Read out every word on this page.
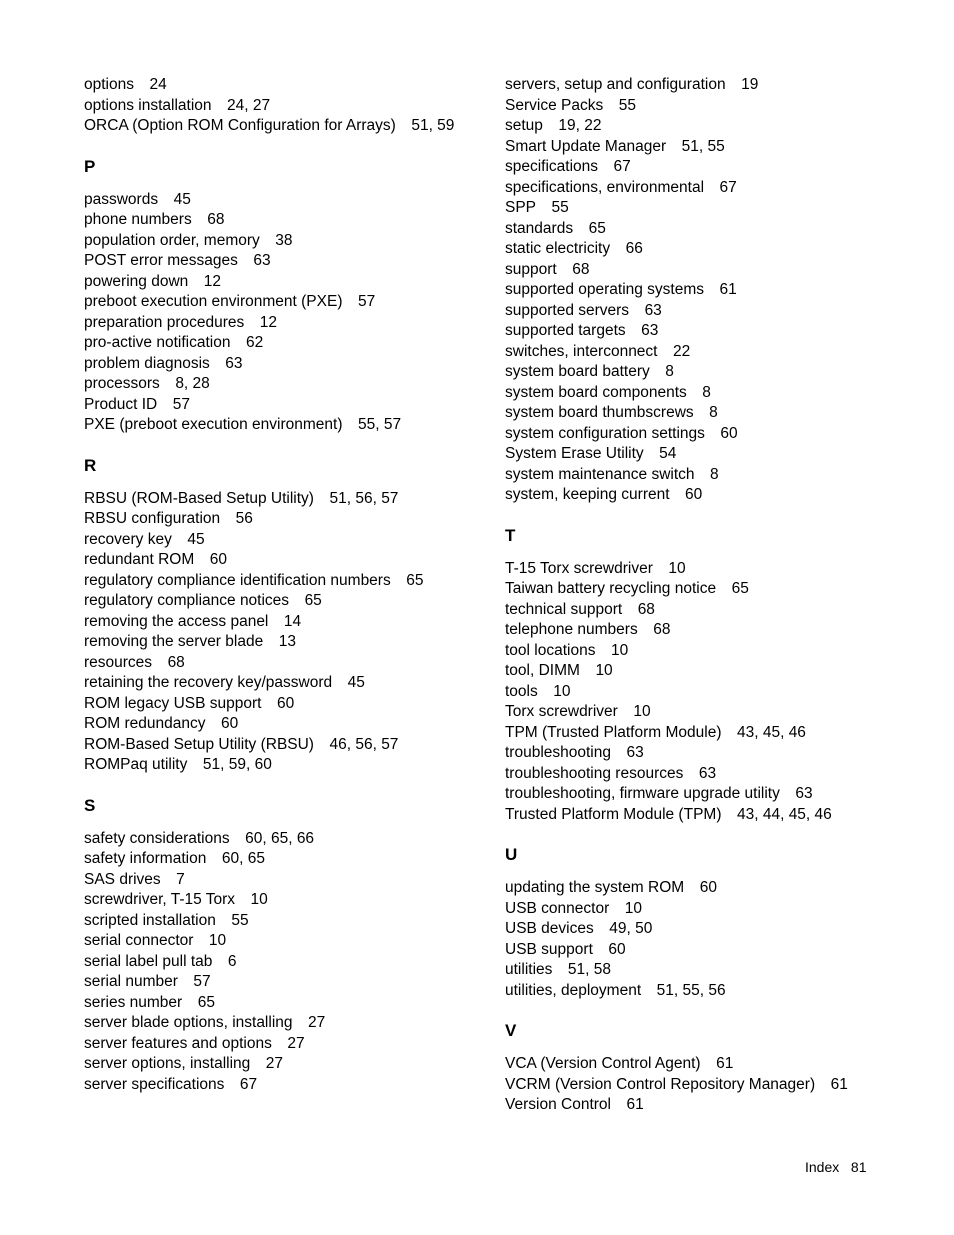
options   24
options installation   24, 27
ORCA (Option ROM Configuration for Arrays)   51, 59
P
passwords   45
phone numbers   68
population order, memory   38
POST error messages   63
powering down   12
preboot execution environment (PXE)   57
preparation procedures   12
pro-active notification   62
problem diagnosis   63
processors   8, 28
Product ID   57
PXE (preboot execution environment)   55, 57
R
RBSU (ROM-Based Setup Utility)   51, 56, 57
RBSU configuration   56
recovery key   45
redundant ROM   60
regulatory compliance identification numbers   65
regulatory compliance notices   65
removing the access panel   14
removing the server blade   13
resources   68
retaining the recovery key/password   45
ROM legacy USB support   60
ROM redundancy   60
ROM-Based Setup Utility (RBSU)   46, 56, 57
ROMPaq utility   51, 59, 60
S
safety considerations   60, 65, 66
safety information   60, 65
SAS drives   7
screwdriver, T-15 Torx   10
scripted installation   55
serial connector   10
serial label pull tab   6
serial number   57
series number   65
server blade options, installing   27
server features and options   27
server options, installing   27
server specifications   67
servers, setup and configuration   19
Service Packs   55
setup   19, 22
Smart Update Manager   51, 55
specifications   67
specifications, environmental   67
SPP   55
standards   65
static electricity   66
support   68
supported operating systems   61
supported servers   63
supported targets   63
switches, interconnect   22
system board battery   8
system board components   8
system board thumbscrews   8
system configuration settings   60
System Erase Utility   54
system maintenance switch   8
system, keeping current   60
T
T-15 Torx screwdriver   10
Taiwan battery recycling notice   65
technical support   68
telephone numbers   68
tool locations   10
tool, DIMM   10
tools   10
Torx screwdriver   10
TPM (Trusted Platform Module)   43, 45, 46
troubleshooting   63
troubleshooting resources   63
troubleshooting, firmware upgrade utility   63
Trusted Platform Module (TPM)   43, 44, 45, 46
U
updating the system ROM   60
USB connector   10
USB devices   49, 50
USB support   60
utilities   51, 58
utilities, deployment   51, 55, 56
V
VCA (Version Control Agent)   61
VCRM (Version Control Repository Manager)   61
Version Control   61
Index 81
